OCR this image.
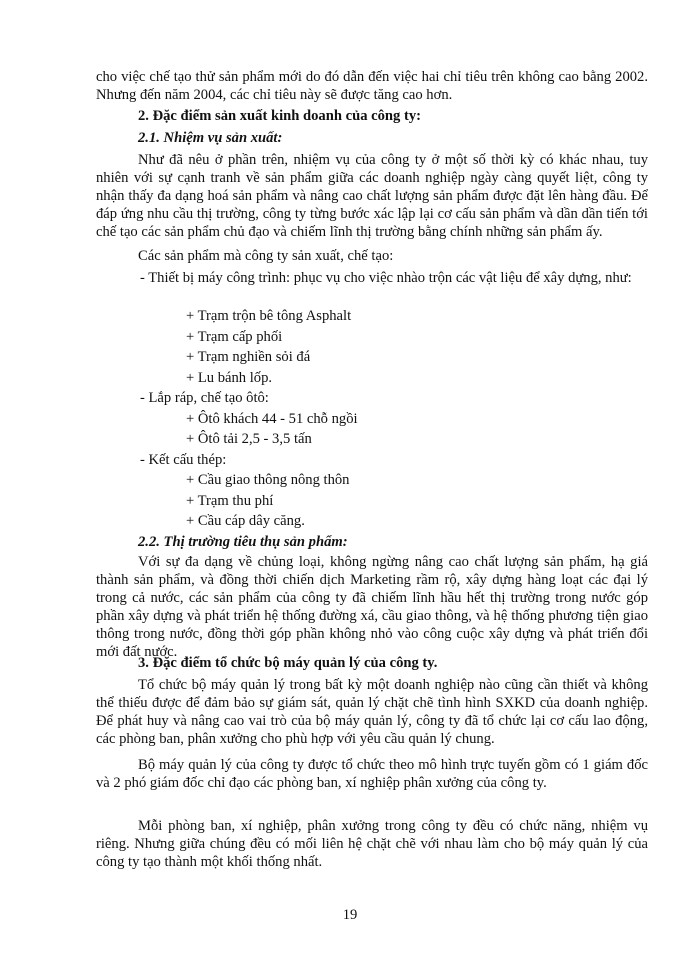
cho việc chế tạo thử sản phẩm mới do đó dẫn đến việc hai chỉ tiêu trên không cao bằng 2002. Nhưng đến năm 2004, các chỉ tiêu này sẽ được tăng cao hơn.

2. Đặc điểm sản xuất kinh doanh của công ty:

2.1. Nhiệm vụ sản xuất:

Như đã nêu ở phần trên, nhiệm vụ của công ty ở một số thời kỳ có khác nhau, tuy nhiên với sự cạnh tranh về sản phẩm giữa các doanh nghiệp ngày càng quyết liệt, công ty nhận thấy đa dạng hoá sản phẩm và nâng cao chất lượng sản phẩm được đặt lên hàng đầu. Để đáp ứng nhu cầu thị trường, công ty từng bước xác lập lại cơ cấu sản phẩm và dần dần tiến tới chế tạo các sản phẩm chủ đạo và chiếm lĩnh thị trường bằng chính những sản phẩm ấy.

Các sản phẩm mà công ty sản xuất, chế tạo:

- Thiết bị máy công trình: phục vụ cho việc nhào trộn các vật liệu để xây dựng, như:

+ Trạm trộn bê tông Asphalt

+ Trạm cấp phối

+ Trạm nghiền sỏi đá

+ Lu bánh lốp.

- Lắp ráp, chế tạo ôtô:

+ Ôtô khách 44 - 51 chỗ ngồi

+ Ôtô tải 2,5 - 3,5 tấn

- Kết cấu thép:

+ Cầu giao thông nông thôn

+ Trạm thu phí

+ Cầu cáp dây căng.

2.2. Thị trường tiêu thụ sản phẩm:

Với sự đa dạng về chủng loại, không ngừng nâng cao chất lượng sản phẩm, hạ giá thành sản phẩm, và đồng thời chiến dịch Marketing rầm rộ, xây dựng hàng loạt các đại lý trong cả nước, các sản phẩm của công ty đã chiếm lĩnh hầu hết thị trường trong nước góp phần xây dựng và phát triển hệ thống đường xá, cầu giao thông, và hệ thống phương tiện giao thông trong nước, đồng thời góp phần không nhỏ vào công cuộc xây dựng và phát triển đổi mới đất nước.

3. Đặc điểm tổ chức bộ máy quản lý của công ty.

Tổ chức bộ máy quản lý trong bất kỳ một doanh nghiệp nào cũng cần thiết và không thể thiếu được để đảm bảo sự giám sát, quản lý chặt chẽ tình hình SXKD của doanh nghiệp. Để phát huy và nâng cao vai trò của bộ máy quản lý, công ty đã tổ chức lại cơ cấu lao động, các phòng ban, phân xưởng cho phù hợp với yêu cầu quản lý chung.

Bộ máy quản lý của công ty được tổ chức theo mô hình trực tuyến gồm có 1 giám đốc và 2 phó giám đốc chỉ đạo các phòng ban, xí nghiệp phân xưởng của công ty.

Mỗi phòng ban, xí nghiệp, phân xưởng trong công ty đều có chức năng, nhiệm vụ riêng. Nhưng giữa chúng đều có mối liên hệ chặt chẽ với nhau làm cho bộ máy quản lý của công ty tạo thành một khối thống nhất.

19
